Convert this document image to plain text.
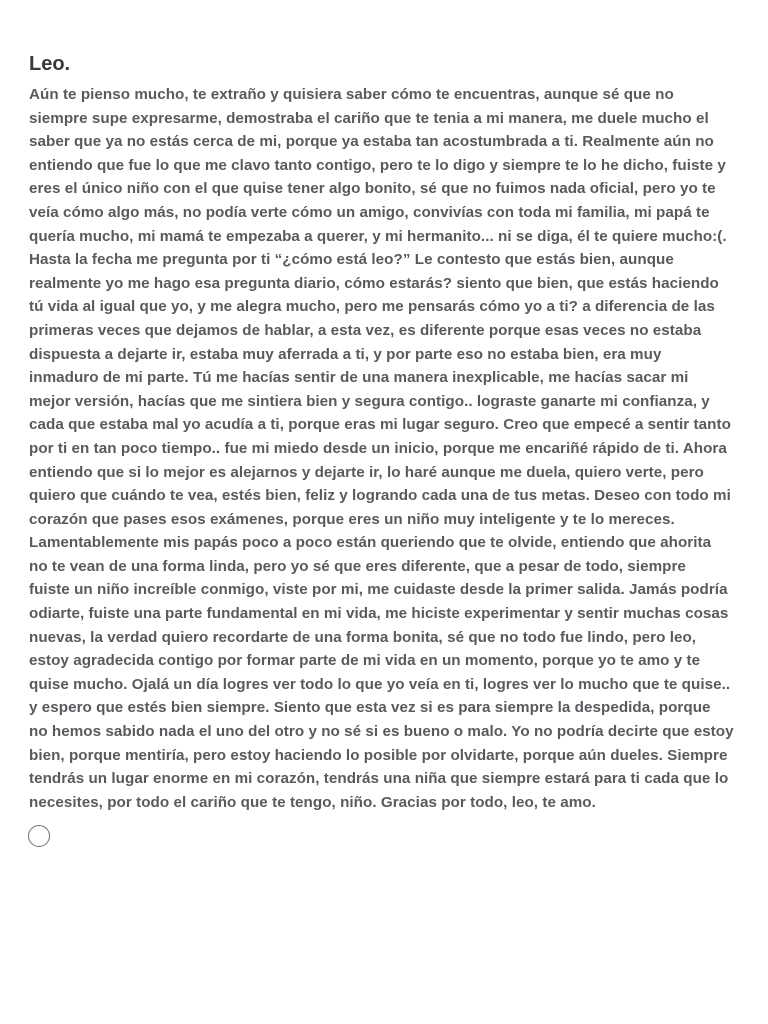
Leo.
Aún te pienso mucho, te extraño y quisiera saber cómo te encuentras, aunque sé que no
siempre supe expresarme, demostraba el cariño que te tenia a mi manera, me duele mucho el
saber que ya no estás cerca de mi, porque ya estaba tan acostumbrada a ti. Realmente aún no
entiendo que fue lo que me clavo tanto contigo, pero te lo digo y siempre te lo he dicho, fuiste y
eres el único niño con el que quise tener algo bonito, sé que no fuimos nada oficial, pero yo te
veía cómo algo más, no podía verte cómo un amigo, convivías con toda mi familia, mi papá te
quería mucho, mi mamá te empezaba a querer, y mi hermanito... ni se diga, él te quiere mucho:(.
Hasta la fecha me pregunta por ti “¿cómo está leo?” Le contesto que estás bien, aunque
realmente yo me hago esa pregunta diario, cómo estarás? siento que bien, que estás haciendo
tú vida al igual que yo, y me alegra mucho, pero me pensarás cómo yo a ti? a diferencia de las
primeras veces que dejamos de hablar, a esta vez, es diferente porque esas veces no estaba
dispuesta a dejarte ir, estaba muy aferrada a ti, y por parte eso no estaba bien, era muy
inmaduro de mi parte. Tú me hacías sentir de una manera inexplicable, me hacías sacar mi
mejor versión, hacías que me sintiera bien y segura contigo.. lograste ganarte mi confianza, y
cada que estaba mal yo acudía a ti, porque eras mi lugar seguro. Creo que empecé a sentir tanto
por ti en tan poco tiempo.. fue mi miedo desde un inicio, porque me encariñé rápido de ti. Ahora
entiendo que si lo mejor es alejarnos y dejarte ir, lo haré aunque me duela, quiero verte, pero
quiero que cuándo te vea, estés bien, feliz y logrando cada una de tus metas. Deseo con todo mi
corazón que pases esos exámenes, porque eres un niño muy inteligente y te lo mereces.
Lamentablemente mis papás poco a poco están queriendo que te olvide, entiendo que ahorita
no te vean de una forma linda, pero yo sé que eres diferente, que a pesar de todo, siempre
fuiste un niño increíble conmigo, viste por mi, me cuidaste desde la primer salida. Jamás podría
odiarte, fuiste una parte fundamental en mi vida, me hiciste experimentar y sentir muchas cosas
nuevas, la verdad quiero recordarte de una forma bonita, sé que no todo fue lindo, pero leo,
estoy agradecida contigo por formar parte de mi vida en un momento, porque yo te amo y te
quise mucho. Ojalá un día logres ver todo lo que yo veía en ti, logres ver lo mucho que te quise..
y espero que estés bien siempre. Siento que esta vez si es para siempre la despedida, porque
no hemos sabido nada el uno del otro y no sé si es bueno o malo. Yo no podría decirte que estoy
bien, porque mentiría, pero estoy haciendo lo posible por olvidarte, porque aún dueles. Siempre
tendrás un lugar enorme en mi corazón, tendrás una niña que siempre estará para ti cada que lo
necesites, por todo el cariño que te tengo, niño. Gracias por todo, leo, te amo.
